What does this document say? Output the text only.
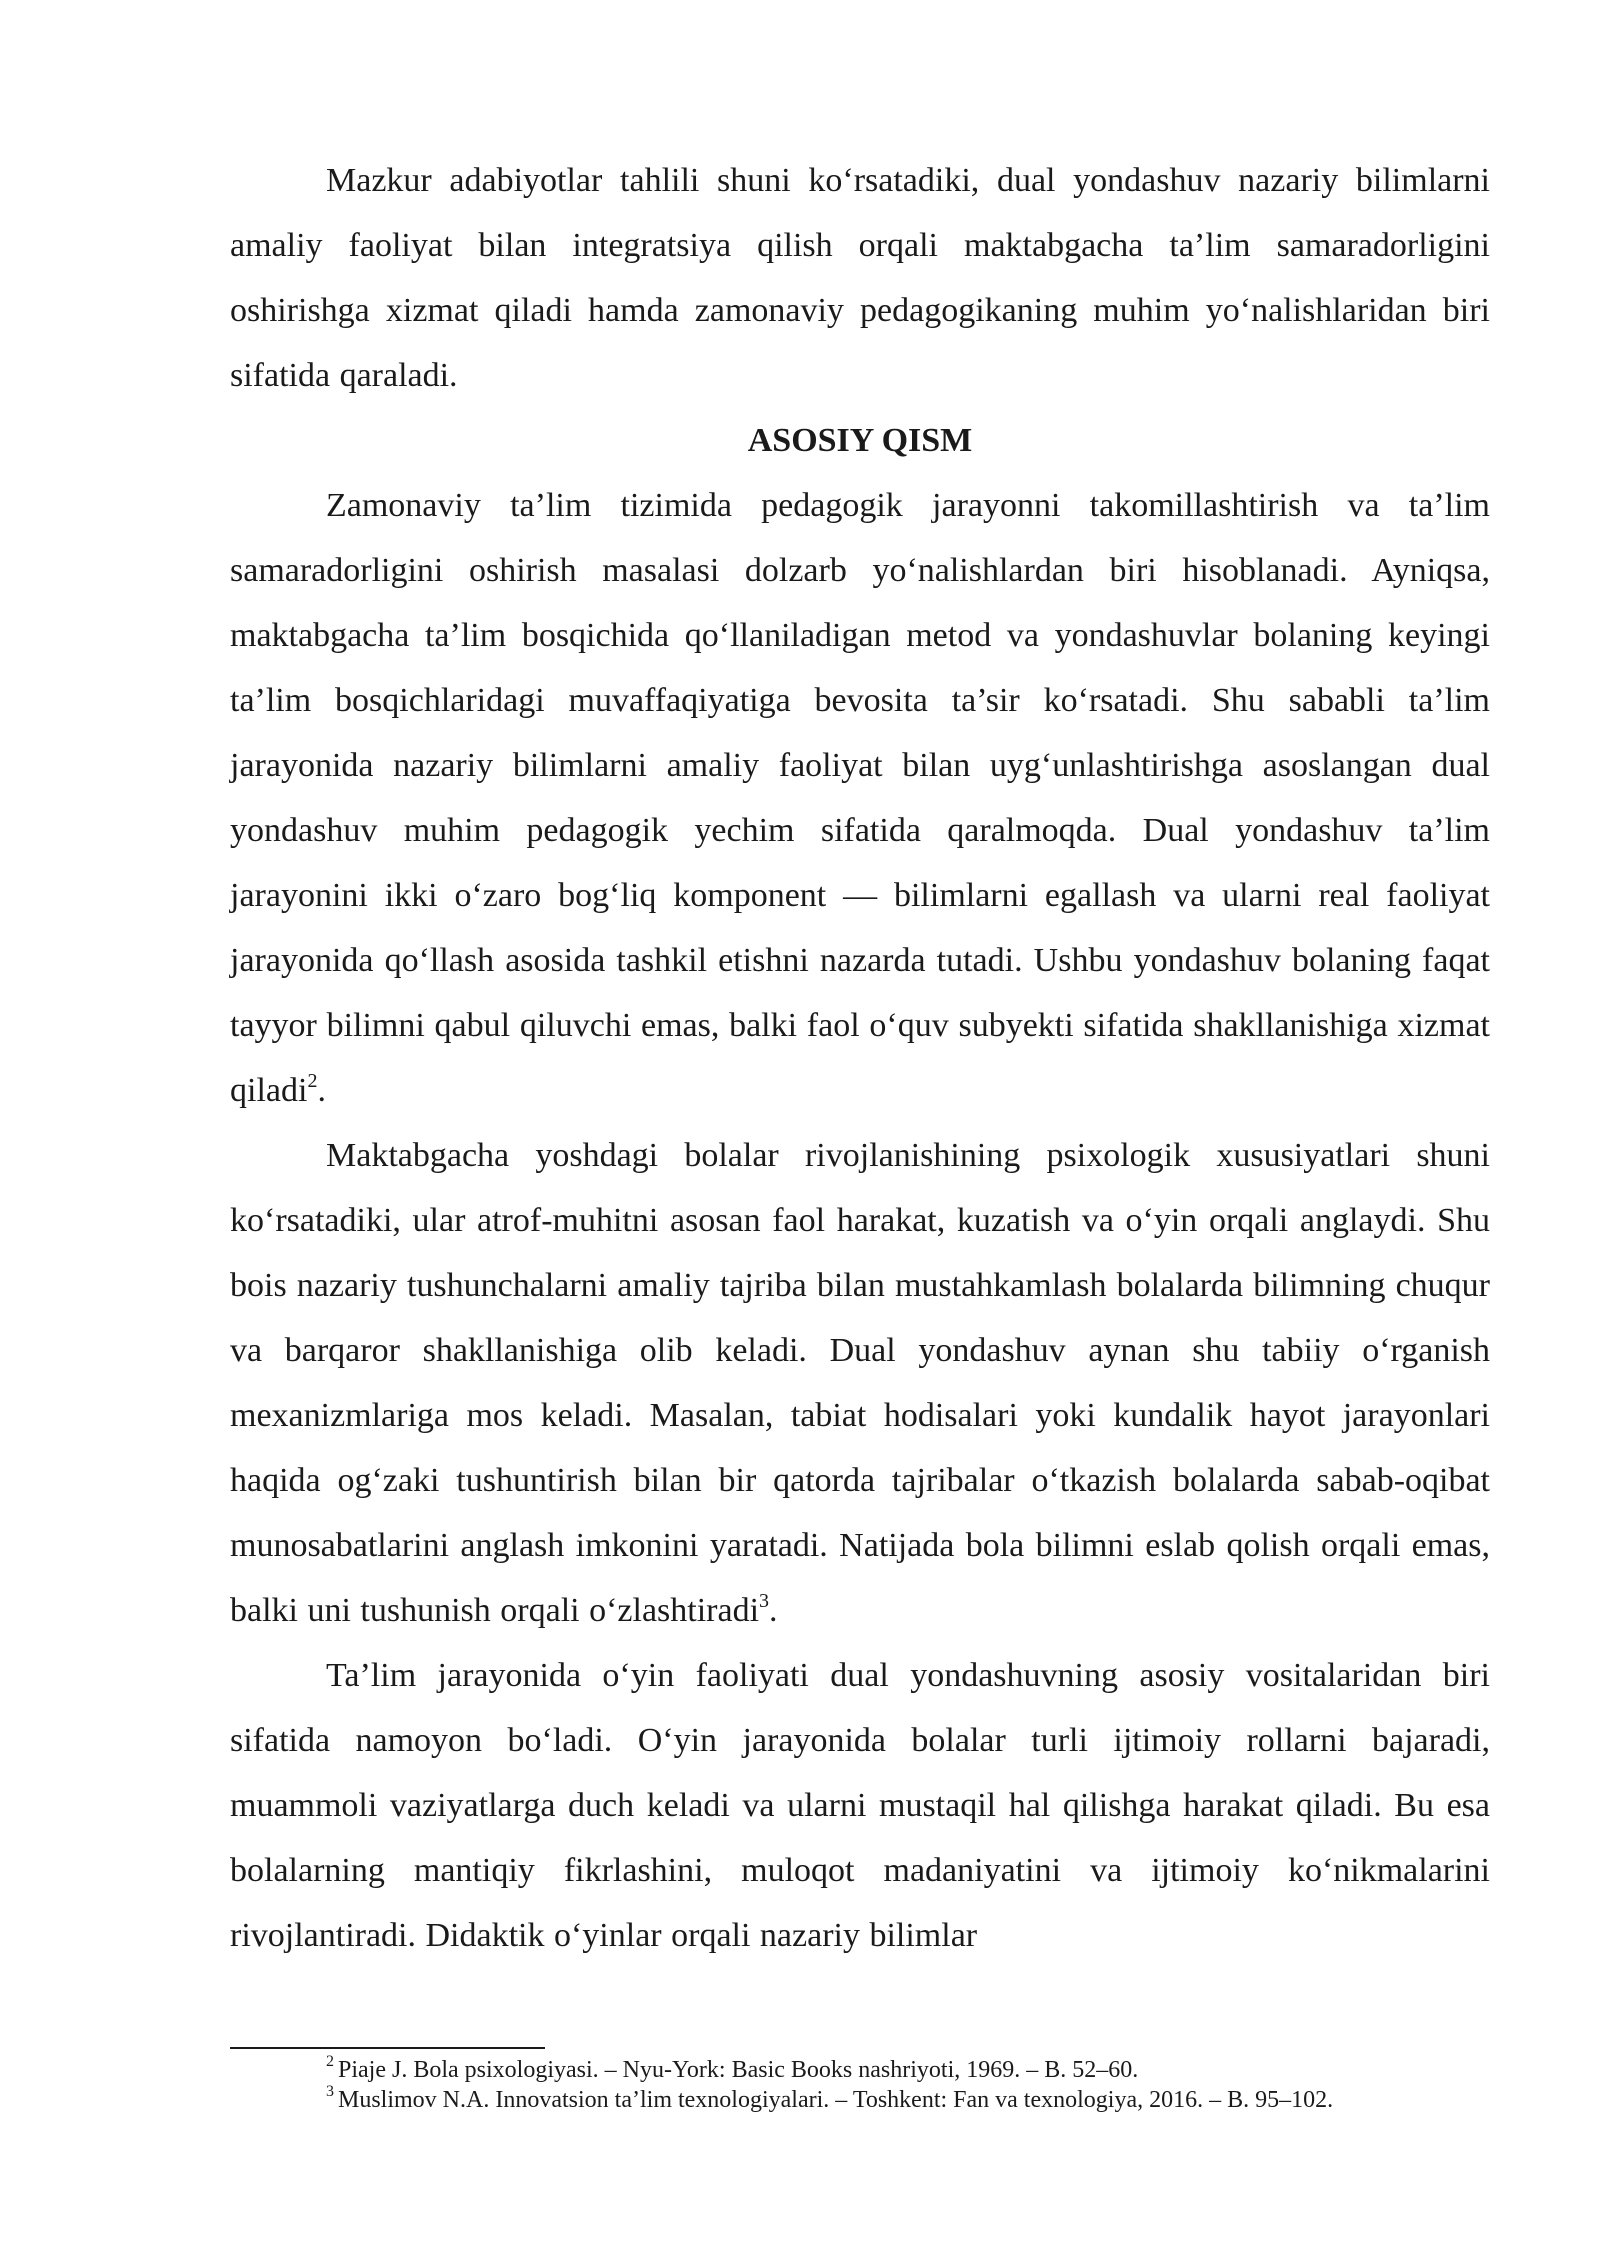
Mazkur adabiyotlar tahlili shuni ko‘rsatadiki, dual yondashuv nazariy bilimlarni amaliy faoliyat bilan integratsiya qilish orqali maktabgacha ta’lim samaradorligini oshirishga xizmat qiladi hamda zamonaviy pedagogikaning muhim yo‘nalishlaridan biri sifatida qaraladi.

ASOSIY QISM

Zamonaviy ta’lim tizimida pedagogik jarayonni takomillashtirish va ta’lim samaradorligini oshirish masalasi dolzarb yo‘nalishlardan biri hisoblanadi. Ayniqsa, maktabgacha ta’lim bosqichida qo‘llaniladigan metod va yondashuvlar bolaning keyingi ta’lim bosqichlaridagi muvaffaqiyatiga bevosita ta’sir ko‘rsatadi. Shu sababli ta’lim jarayonida nazariy bilimlarni amaliy faoliyat bilan uyg‘unlashtirishga asoslangan dual yondashuv muhim pedagogik yechim sifatida qaralmoqda. Dual yondashuv ta’lim jarayonini ikki o‘zaro bog‘liq komponent — bilimlarni egallash va ularni real faoliyat jarayonida qo‘llash asosida tashkil etishni nazarda tutadi. Ushbu yondashuv bolaning faqat tayyor bilimni qabul qiluvchi emas, balki faol o‘quv subyekti sifatida shakllanishiga xizmat qiladi$^2$.

Maktabgacha yoshdagi bolalar rivojlanishining psixologik xususiyatlari shuni ko‘rsatadiki, ular atrof-muhitni asosan faol harakat, kuzatish va o‘yin orqali anglaydi. Shu bois nazariy tushunchalarni amaliy tajriba bilan mustahkamlash bolalarda bilimning chuqur va barqaror shakllanishiga olib keladi. Dual yondashuv aynan shu tabiiy o‘rganish mexanizmlariga mos keladi. Masalan, tabiat hodisalari yoki kundalik hayot jarayonlari haqida og‘zaki tushuntirish bilan bir qatorda tajribalar o‘tkazish bolalarda sabab-oqibat munosabatlarini anglash imkonini yaratadi. Natijada bola bilimni eslab qolish orqali emas, balki uni tushunish orqali o‘zlashtiradi$^3$.

Ta’lim jarayonida o‘yin faoliyati dual yondashuvning asosiy vositalaridan biri sifatida namoyon bo‘ladi. O‘yin jarayonida bolalar turli ijtimoiy rollarni bajaradi, muammoli vaziyatlarga duch keladi va ularni mustaqil hal qilishga harakat qiladi. Bu esa bolalarning mantiqiy fikrlashini, muloqot madaniyatini va ijtimoiy ko‘nikmalarini rivojlantiradi. Didaktik o‘yinlar orqali nazariy bilimlar

$^2$ Piaje J. Bola psixologiyasi. – Nyu-York: Basic Books nashriyoti, 1969. – B. 52–60.

$^3$ Muslimov N.A. Innovatsion ta’lim texnologiyalari. – Toshkent: Fan va texnologiya, 2016. – B. 95–102.
